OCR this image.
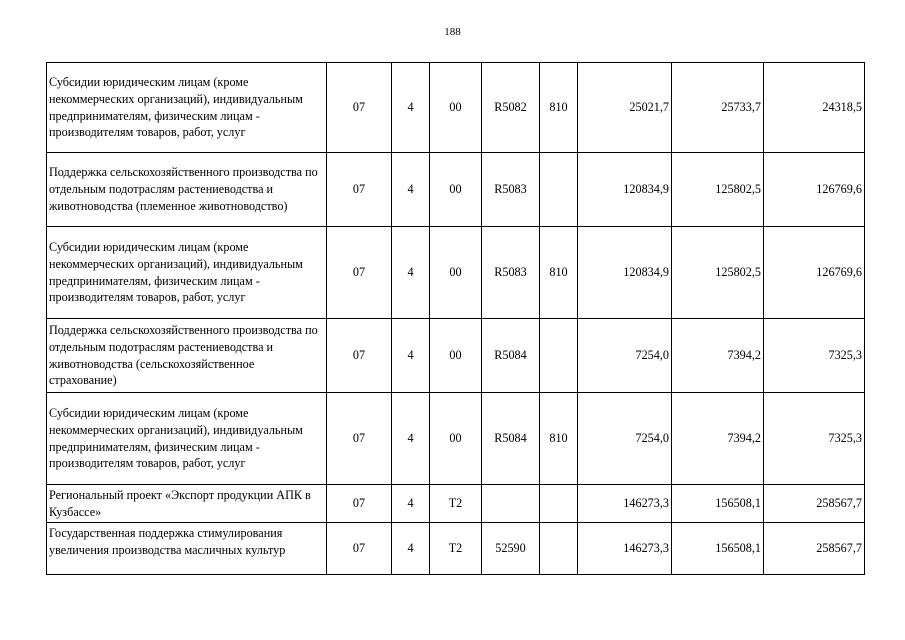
188
Субсидии юридическим лицам (кроме некоммерческих организаций), индивидуальным предпринимателям, физическим лицам - производителям товаров, работ, услуг	07	4	00	R5082	810	25021,7	25733,7	24318,5
Поддержка сельскохозяйственного производства по отдельным подотраслям растениеводства и животноводства (племенное животноводство)	07	4	00	R5083		120834,9	125802,5	126769,6
Субсидии юридическим лицам (кроме некоммерческих организаций), индивидуальным предпринимателям, физическим лицам - производителям товаров, работ, услуг	07	4	00	R5083	810	120834,9	125802,5	126769,6
Поддержка сельскохозяйственного производства по отдельным подотраслям растениеводства и животноводства (сельскохозяйственное страхование)	07	4	00	R5084		7254,0	7394,2	7325,3
Субсидии юридическим лицам (кроме некоммерческих организаций), индивидуальным предпринимателям, физическим лицам - производителям товаров, работ, услуг	07	4	00	R5084	810	7254,0	7394,2	7325,3
Региональный проект «Экспорт продукции АПК в Кузбассе»	07	4	T2			146273,3	156508,1	258567,7
Государственная поддержка стимулирования увеличения производства масличных культур	07	4	T2	52590		146273,3	156508,1	258567,7
